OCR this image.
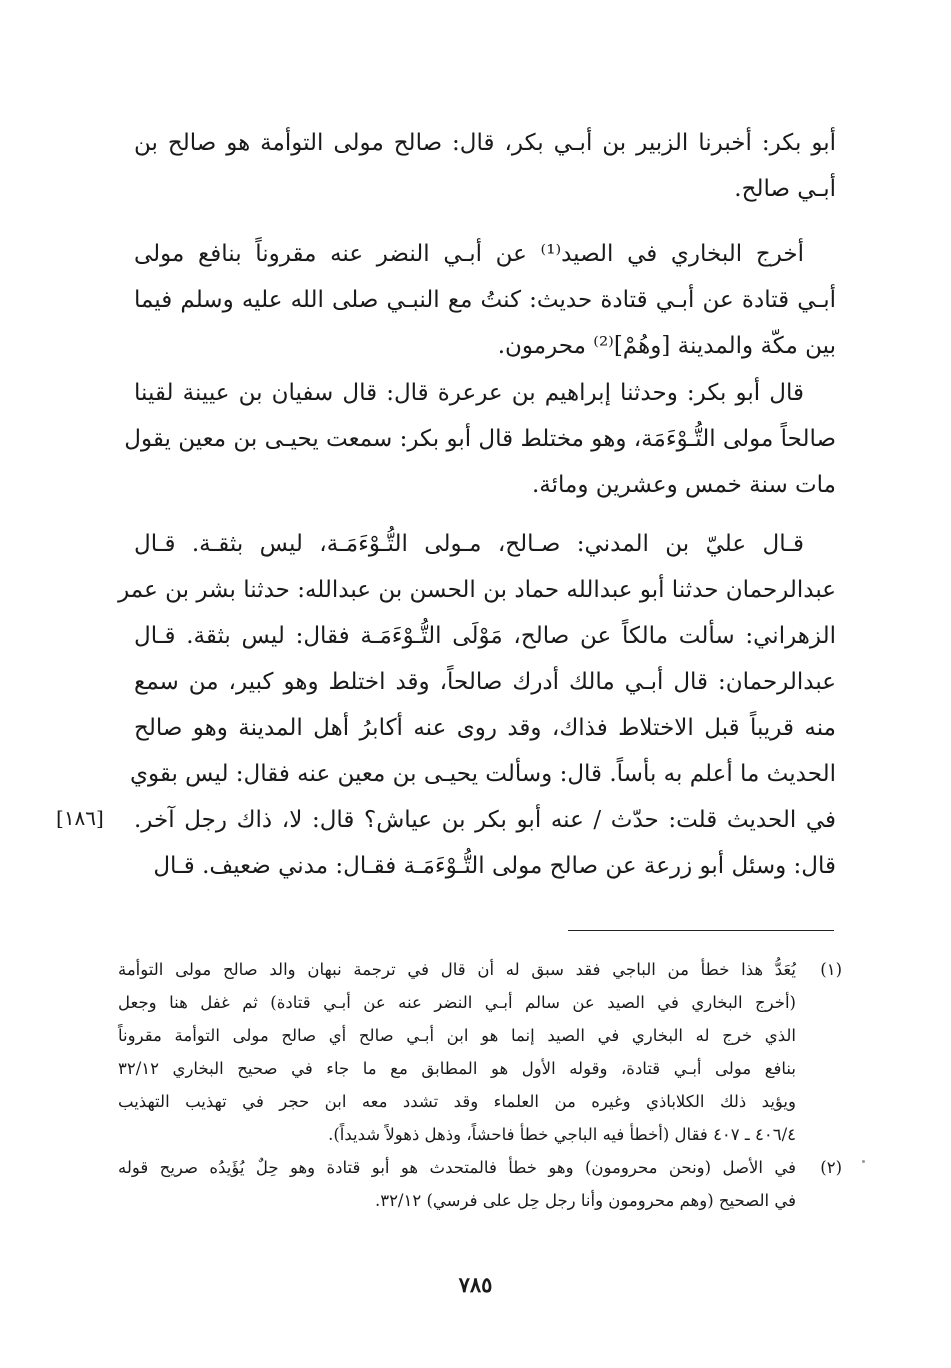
أبو بكر: أخبرنا الزبير بن أبـي بكر، قال: صالح مولى التوأمة هو صالح بن
أبـي صالح.
أخرج البخاري في الصيد⁽¹⁾ عن أبـي النضر عنه مقروناً بنافع مولى
أبـي قتادة عن أبـي قتادة حديث: كنتُ مع النبـي صلى الله عليه وسلم فيما
بين مكّة والمدينة [وهُمْ]⁽²⁾ محرمون.
قال أبو بكر: وحدثنا إبراهيم بن عرعرة قال: قال سفيان بن عيينة لقينا
صالحاً مولى التُّـوْءَمَة، وهو مختلط قال أبو بكر: سمعت يحيـى بن معين يقول
مات سنة خمس وعشرين ومائة.
قـال عليّ بن المدني: صـالح، مـولى التُّـوْءَمَـة، ليس بثقـة. قـال
عبدالرحمان حدثنا أبو عبدالله حماد بن الحسن بن عبدالله: حدثنا بشر بن عمر
الزهراني: سألت مالكاً عن صالح، مَوْلَى التُّـوْءَمَـة فقال: ليس بثقة. قـال
عبدالرحمان: قال أبـي مالك أدرك صالحاً، وقد اختلط وهو كبير، من سمع
منه قريباً قبل الاختلاط فذاك، وقد روى عنه أكابرُ أهل المدينة وهو صالح
الحديث ما أعلم به بأساً. قال: وسألت يحيـى بن معين عنه فقال: ليس بقوي
في الحديث قلت: حدّث / عنه أبو بكر بن عياش؟ قال: لا، ذاك رجل آخر.
قال: وسئل أبو زرعة عن صالح مولى التُّـوْءَمَـة فقـال: مدني ضعيف. قـال
[١٨٦]
(١)
يُعَدُّ هذا خطأ من الباجي فقد سبق له أن قال في ترجمة نبهان والد صالح مولى التوأمة
(أخرج البخاري في الصيد عن سالم أبـي النضر عنه عن أبـي قتادة) ثم غفل هنا وجعل
الذي خرج له البخاري في الصيد إنما هو ابن أبـي صالح أي صالح مولى التوأمة مقروناً
بنافع مولى أبـي قتادة، وقوله الأول هو المطابق مع ما جاء في صحيح البخاري ٣٢/١٢
ويؤيد ذلك الكلاباذي وغيره من العلماء وقد تشدد معه ابن حجر في تهذيب التهذيب
٤٠٦/٤ ـ ٤٠٧ فقال (أخطأ فيه الباجي خطأ فاحشاً، وذهل ذهولاً شديداً).
(٢)
في الأصل (ونحن محرومون) وهو خطأ فالمتحدث هو أبو قتادة وهو حِلٌ يُؤَيدُه صريح قوله
في الصحيح (وهم محرومون وأنا رجل حِل على فرسي) ٣٢/١٢.
٧٨٥
